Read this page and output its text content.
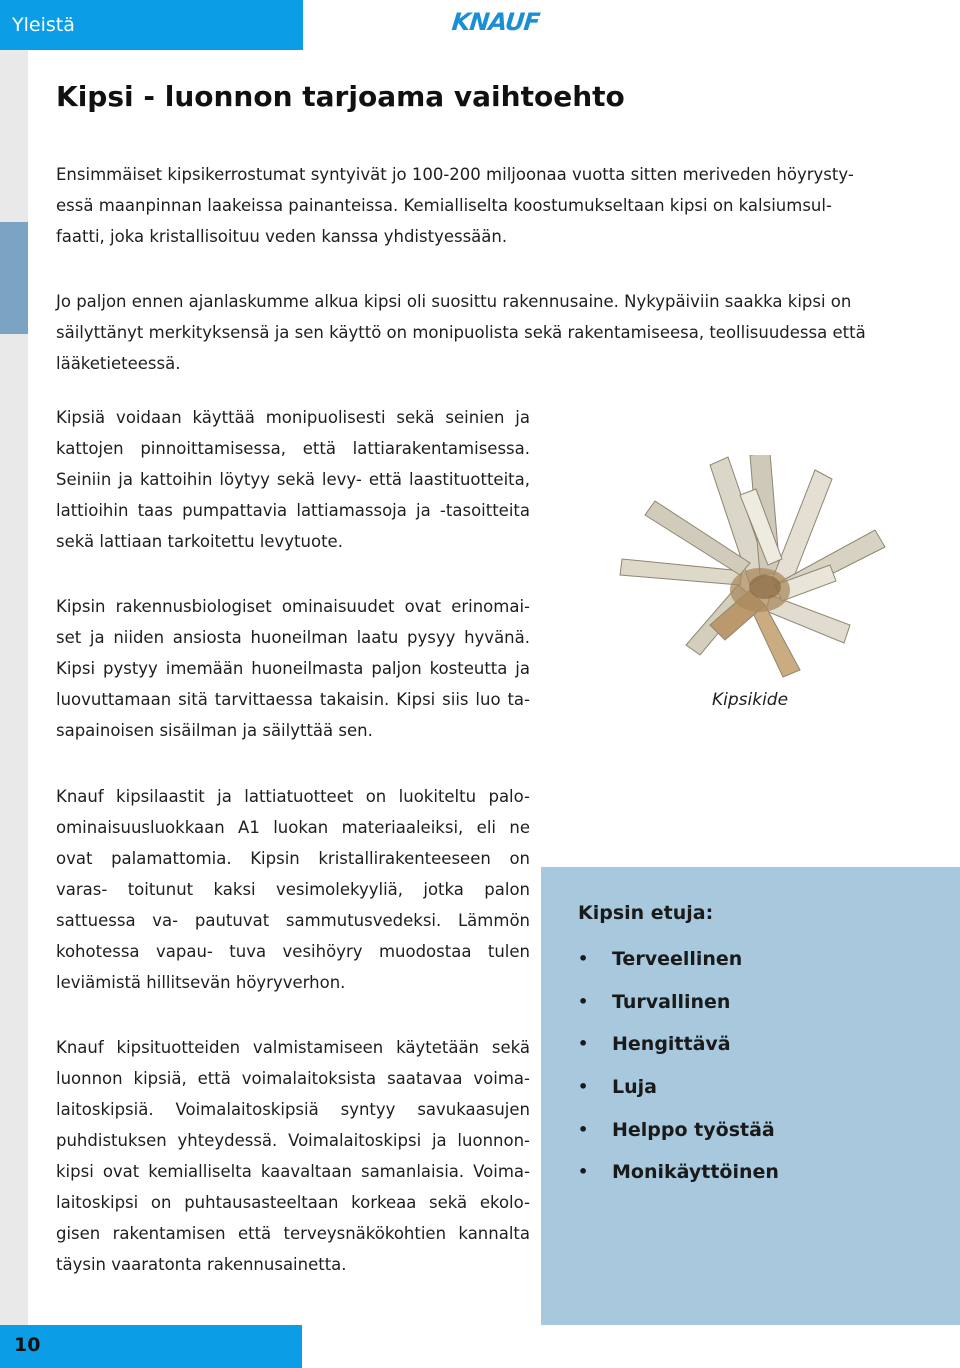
Yleistä	KNAUF
Kipsi - luonnon tarjoama vaihtoehto

Ensimmäiset kipsikerrostumat syntyivät jo 100-200 miljoonaa vuotta sitten meriveden höyrysty- essä maanpinnan laakeissa painanteissa. Kemialliselta koostumukseltaan kipsi on kalsiumsul- faatti, joka kristallisoituu veden kanssa yhdistyessään.

Jo paljon ennen ajanlaskumme alkua kipsi oli suosittu rakennusaine. Nykypäiviin saakka kipsi on säilyttänyt merkityksensä ja sen käyttö on monipuolista sekä rakentamiseesa, teollisuudessa että lääketieteessä.

Kipsiä voidaan käyttää monipuolisesti sekä seinien ja kattojen pinnoittamisessa, että lattiarakentamisessa. Seiniin ja kattoihin löytyy sekä levy- että laastituotteita, lattioihin taas pumpattavia lattiamassoja ja -tasoitteita sekä lattiaan tarkoitettu levytuote.

Kipsin rakennusbiologiset ominaisuudet ovat erinomai- set ja niiden ansiosta huoneilman laatu pysyy hyvänä. Kipsi pystyy imemään huoneilmasta paljon kosteutta ja luovuttamaan sitä tarvittaessa takaisin. Kipsi siis luo ta- sapainoisen sisäilman ja säilyttää sen.

Knauf kipsilaastit ja lattiatuotteet on luokiteltu palo- ominaisuusluokkaan A1 luokan materiaaleiksi, eli ne ovat palamattomia. Kipsin kristallirakenteeseen on varas- toitunut kaksi vesimolekyyliä, jotka palon sattuessa va- pautuvat sammutusvedeksi. Lämmön kohotessa vapau- tuva vesihöyry muodostaa tulen leviämistä hillitsevän höyryverhon.

Knauf kipsituotteiden valmistamiseen käytetään sekä luonnon kipsiä, että voimalaitoksista saatavaa voima- laitoskipsiä. Voimalaitoskipsiä syntyy savukaasujen puhdistuksen yhteydessä. Voimalaitoskipsi ja luonnon- kipsi ovat kemialliselta kaavaltaan samanlaisia. Voima- laitoskipsi on puhtausasteeltaan korkeaa sekä ekolo- gisen rakentamisen että terveysnäkökohtien kannalta täysin vaaratonta rakennusainetta.

Kipsikide
Kipsin etuja:
•	Terveellinen
•	Turvallinen
•	Hengittävä
•	Luja
•	Helppo työstää
•	Monikäyttöinen
10
